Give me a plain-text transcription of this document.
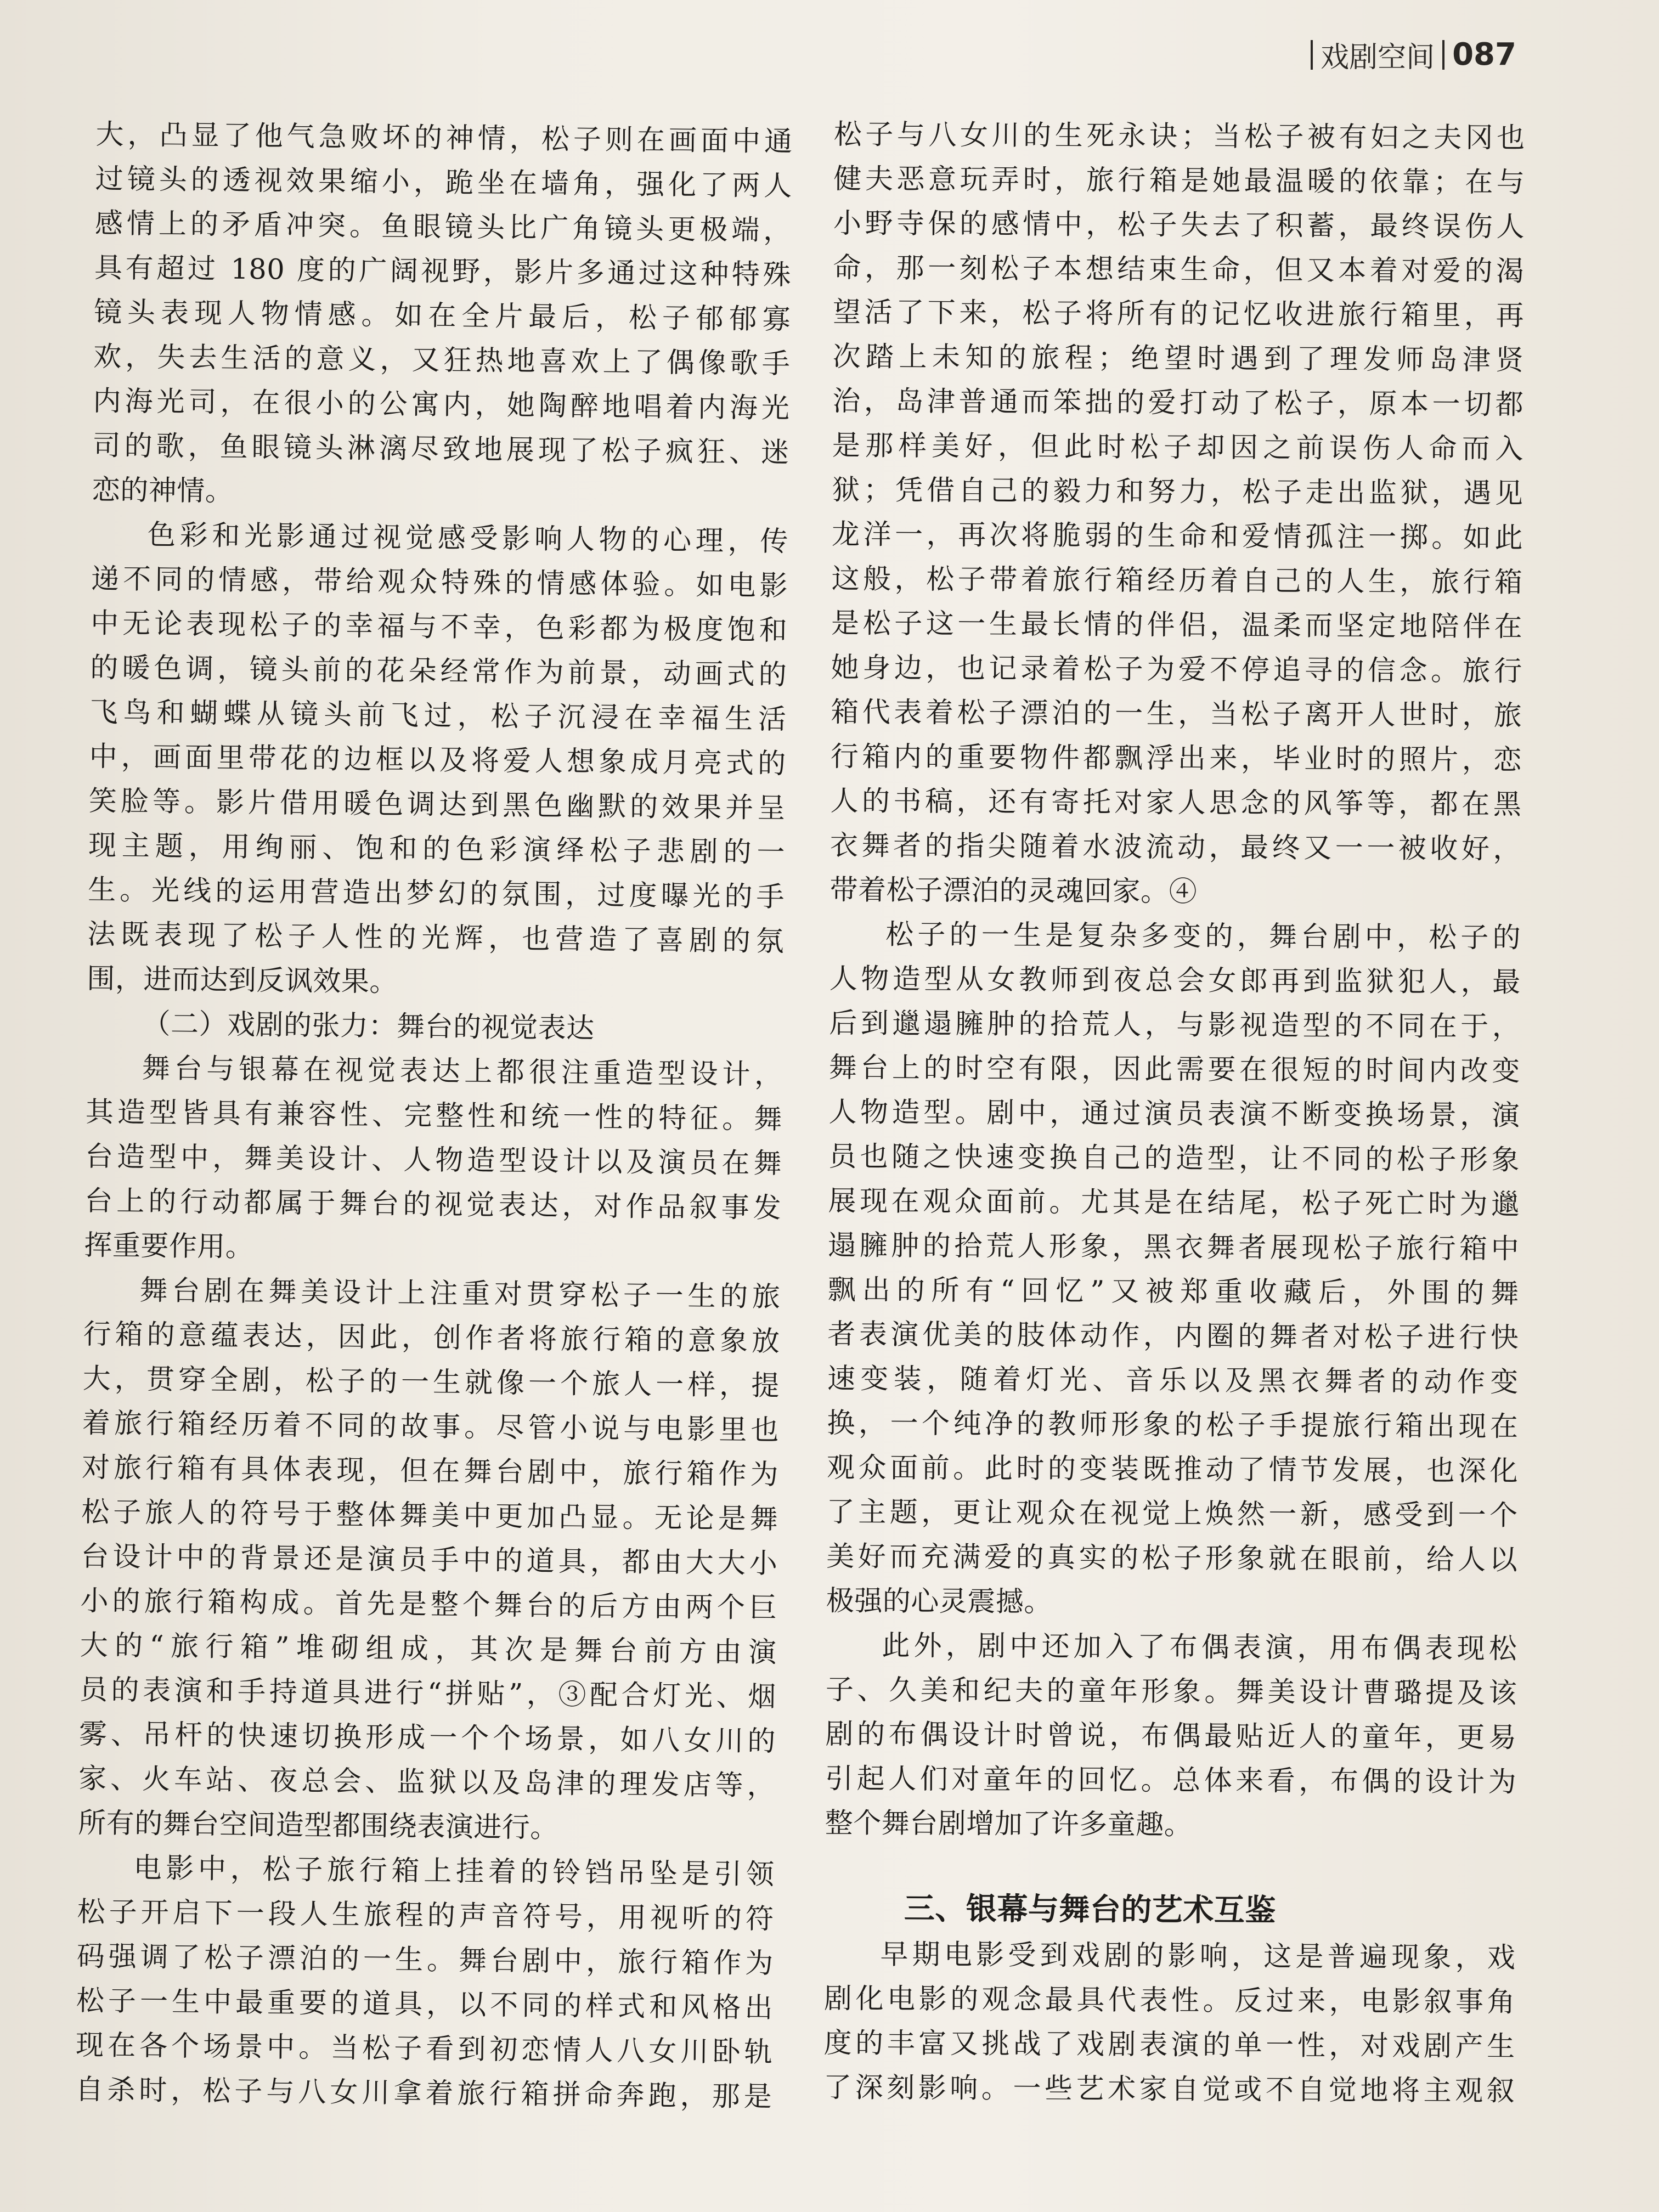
戏剧空间 087
大，凸显了他气急败坏的神情，松子则在画面中通
过镜头的透视效果缩小，跪坐在墙角，强化了两人
感情上的矛盾冲突。鱼眼镜头比广角镜头更极端，
具有超过 180 度的广阔视野，影片多通过这种特殊
镜头表现人物情感。如在全片最后，松子郁郁寡
欢，失去生活的意义，又狂热地喜欢上了偶像歌手
内海光司，在很小的公寓内，她陶醉地唱着内海光
司的歌，鱼眼镜头淋漓尽致地展现了松子疯狂、迷
恋的神情。
色彩和光影通过视觉感受影响人物的心理，传
递不同的情感，带给观众特殊的情感体验。如电影
中无论表现松子的幸福与不幸，色彩都为极度饱和
的暖色调，镜头前的花朵经常作为前景，动画式的
飞鸟和蝴蝶从镜头前飞过，松子沉浸在幸福生活
中，画面里带花的边框以及将爱人想象成月亮式的
笑脸等。影片借用暖色调达到黑色幽默的效果并呈
现主题，用绚丽、饱和的色彩演绎松子悲剧的一
生。光线的运用营造出梦幻的氛围，过度曝光的手
法既表现了松子人性的光辉，也营造了喜剧的氛
围，进而达到反讽效果。
（二）戏剧的张力：舞台的视觉表达
舞台与银幕在视觉表达上都很注重造型设计，
其造型皆具有兼容性、完整性和统一性的特征。舞
台造型中，舞美设计、人物造型设计以及演员在舞
台上的行动都属于舞台的视觉表达，对作品叙事发
挥重要作用。
舞台剧在舞美设计上注重对贯穿松子一生的旅
行箱的意蕴表达，因此，创作者将旅行箱的意象放
大，贯穿全剧，松子的一生就像一个旅人一样，提
着旅行箱经历着不同的故事。尽管小说与电影里也
对旅行箱有具体表现，但在舞台剧中，旅行箱作为
松子旅人的符号于整体舞美中更加凸显。无论是舞
台设计中的背景还是演员手中的道具，都由大大小
小的旅行箱构成。首先是整个舞台的后方由两个巨
大的“旅行箱”堆砌组成，其次是舞台前方由演
员的表演和手持道具进行“拼贴”，③配合灯光、烟
雾、吊杆的快速切换形成一个个场景，如八女川的
家、火车站、夜总会、监狱以及岛津的理发店等，
所有的舞台空间造型都围绕表演进行。
电影中，松子旅行箱上挂着的铃铛吊坠是引领
松子开启下一段人生旅程的声音符号，用视听的符
码强调了松子漂泊的一生。舞台剧中，旅行箱作为
松子一生中最重要的道具，以不同的样式和风格出
现在各个场景中。当松子看到初恋情人八女川卧轨
自杀时，松子与八女川拿着旅行箱拼命奔跑，那是
松子与八女川的生死永诀；当松子被有妇之夫冈也
健夫恶意玩弄时，旅行箱是她最温暖的依靠；在与
小野寺保的感情中，松子失去了积蓄，最终误伤人
命，那一刻松子本想结束生命，但又本着对爱的渴
望活了下来，松子将所有的记忆收进旅行箱里，再
次踏上未知的旅程；绝望时遇到了理发师岛津贤
治，岛津普通而笨拙的爱打动了松子，原本一切都
是那样美好，但此时松子却因之前误伤人命而入
狱；凭借自己的毅力和努力，松子走出监狱，遇见
龙洋一，再次将脆弱的生命和爱情孤注一掷。如此
这般，松子带着旅行箱经历着自己的人生，旅行箱
是松子这一生最长情的伴侣，温柔而坚定地陪伴在
她身边，也记录着松子为爱不停追寻的信念。旅行
箱代表着松子漂泊的一生，当松子离开人世时，旅
行箱内的重要物件都飘浮出来，毕业时的照片，恋
人的书稿，还有寄托对家人思念的风筝等，都在黑
衣舞者的指尖随着水波流动，最终又一一被收好，
带着松子漂泊的灵魂回家。④
松子的一生是复杂多变的，舞台剧中，松子的
人物造型从女教师到夜总会女郎再到监狱犯人，最
后到邋遢臃肿的拾荒人，与影视造型的不同在于，
舞台上的时空有限，因此需要在很短的时间内改变
人物造型。剧中，通过演员表演不断变换场景，演
员也随之快速变换自己的造型，让不同的松子形象
展现在观众面前。尤其是在结尾，松子死亡时为邋
遢臃肿的拾荒人形象，黑衣舞者展现松子旅行箱中
飘出的所有“回忆”又被郑重收藏后，外围的舞
者表演优美的肢体动作，内圈的舞者对松子进行快
速变装，随着灯光、音乐以及黑衣舞者的动作变
换，一个纯净的教师形象的松子手提旅行箱出现在
观众面前。此时的变装既推动了情节发展，也深化
了主题，更让观众在视觉上焕然一新，感受到一个
美好而充满爱的真实的松子形象就在眼前，给人以
极强的心灵震撼。
此外，剧中还加入了布偶表演，用布偶表现松
子、久美和纪夫的童年形象。舞美设计曹璐提及该
剧的布偶设计时曾说，布偶最贴近人的童年，更易
引起人们对童年的回忆。总体来看，布偶的设计为
整个舞台剧增加了许多童趣。
三、银幕与舞台的艺术互鉴
早期电影受到戏剧的影响，这是普遍现象，戏
剧化电影的观念最具代表性。反过来，电影叙事角
度的丰富又挑战了戏剧表演的单一性，对戏剧产生
了深刻影响。一些艺术家自觉或不自觉地将主观叙
